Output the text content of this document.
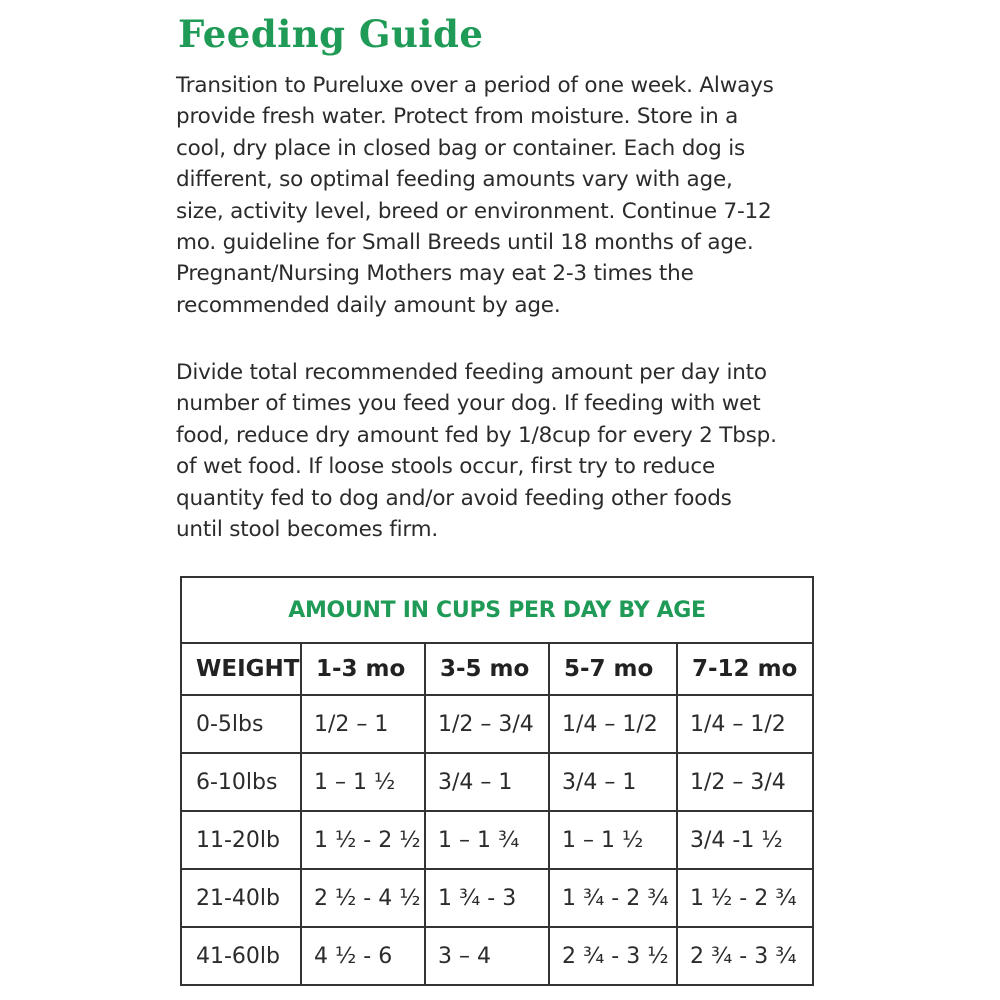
Feeding Guide

Transition to Pureluxe over a period of one week. Always
provide fresh water. Protect from moisture. Store in a
cool, dry place in closed bag or container. Each dog is
different, so optimal feeding amounts vary with age,
size, activity level, breed or environment. Continue 7-12
mo. guideline for Small Breeds until 18 months of age.
Pregnant/Nursing Mothers may eat 2-3 times the
recommended daily amount by age.

Divide total recommended feeding amount per day into
number of times you feed your dog. If feeding with wet
food, reduce dry amount fed by 1/8cup for every 2 Tbsp.
of wet food. If loose stools occur, first try to reduce
quantity fed to dog and/or avoid feeding other foods
until stool becomes firm.

AMOUNT IN CUPS PER DAY BY AGE				
WEIGHT	1-3 mo	3-5 mo	5-7 mo	7-12 mo
0-5lbs	1/2 – 1	1/2 – 3/4	1/4 – 1/2	1/4 – 1/2
6-10lbs	1 – 1 ½	3/4 – 1	3/4 – 1	1/2 – 3/4
11-20lb	1 ½ - 2 ½	1 – 1 ¾	1 – 1 ½	3/4 -1 ½
21-40lb	2 ½ - 4 ½	1 ¾ - 3	1 ¾ - 2 ¾	1 ½ - 2 ¾
41-60lb	4 ½ - 6	3 – 4	2 ¾ - 3 ½	2 ¾ - 3 ¾
